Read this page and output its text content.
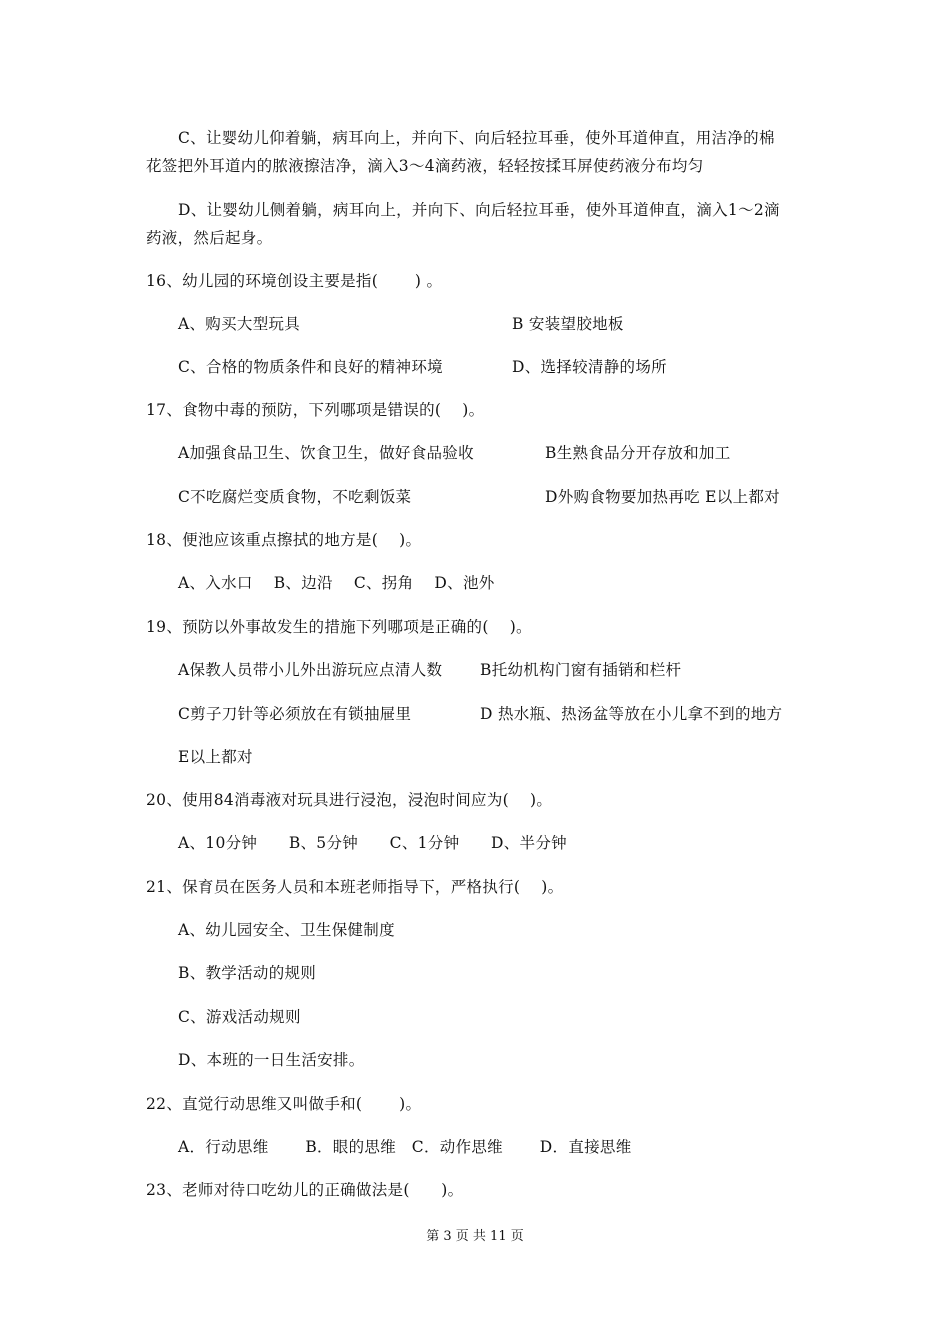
C、让婴幼儿仰着躺，病耳向上，并向下、向后轻拉耳垂，使外耳道伸直，用洁净的棉
花签把外耳道内的脓液擦洁净，滴入3～4滴药液，轻轻按揉耳屏使药液分布均匀
D、让婴幼儿侧着躺，病耳向上，并向下、向后轻拉耳垂，使外耳道伸直，滴入1～2滴
药液，然后起身。
16、幼儿园的环境创设主要是指(　　 ) 。
A、购买大型玩具	B 安装望胶地板
C、合格的物质条件和良好的精神环境	D、选择较清静的场所
17、食物中毒的预防，下列哪项是错误的(　 )。
A加强食品卫生、饮食卫生，做好食品验收	B生熟食品分开存放和加工
C不吃腐烂变质食物，不吃剩饭菜	D外购食物要加热再吃 E以上都对
18、便池应该重点擦拭的地方是(　 )。
A、入水口　 B、边沿　 C、拐角　 D、池外
19、预防以外事故发生的措施下列哪项是正确的(　 )。
A保教人员带小儿外出游玩应点清人数 B托幼机构门窗有插销和栏杆
C剪子刀针等必须放在有锁抽屉里	D 热水瓶、热汤盆等放在小儿拿不到的地方
E以上都对
20、使用84消毒液对玩具进行浸泡，浸泡时间应为(　 )。
A、10分钟　　B、5分钟　　C、1分钟　　D、半分钟
21、保育员在医务人员和本班老师指导下，严格执行(　 )。
A、幼儿园安全、卫生保健制度
B、教学活动的规则
C、游戏活动规则
D、本班的一日生活安排。
22、直觉行动思维又叫做手和(　　 )。
A．行动思维　　 B．眼的思维　C．动作思维　　 D．直接思维
23、老师对待口吃幼儿的正确做法是(　　)。
第 3 页 共 11 页
